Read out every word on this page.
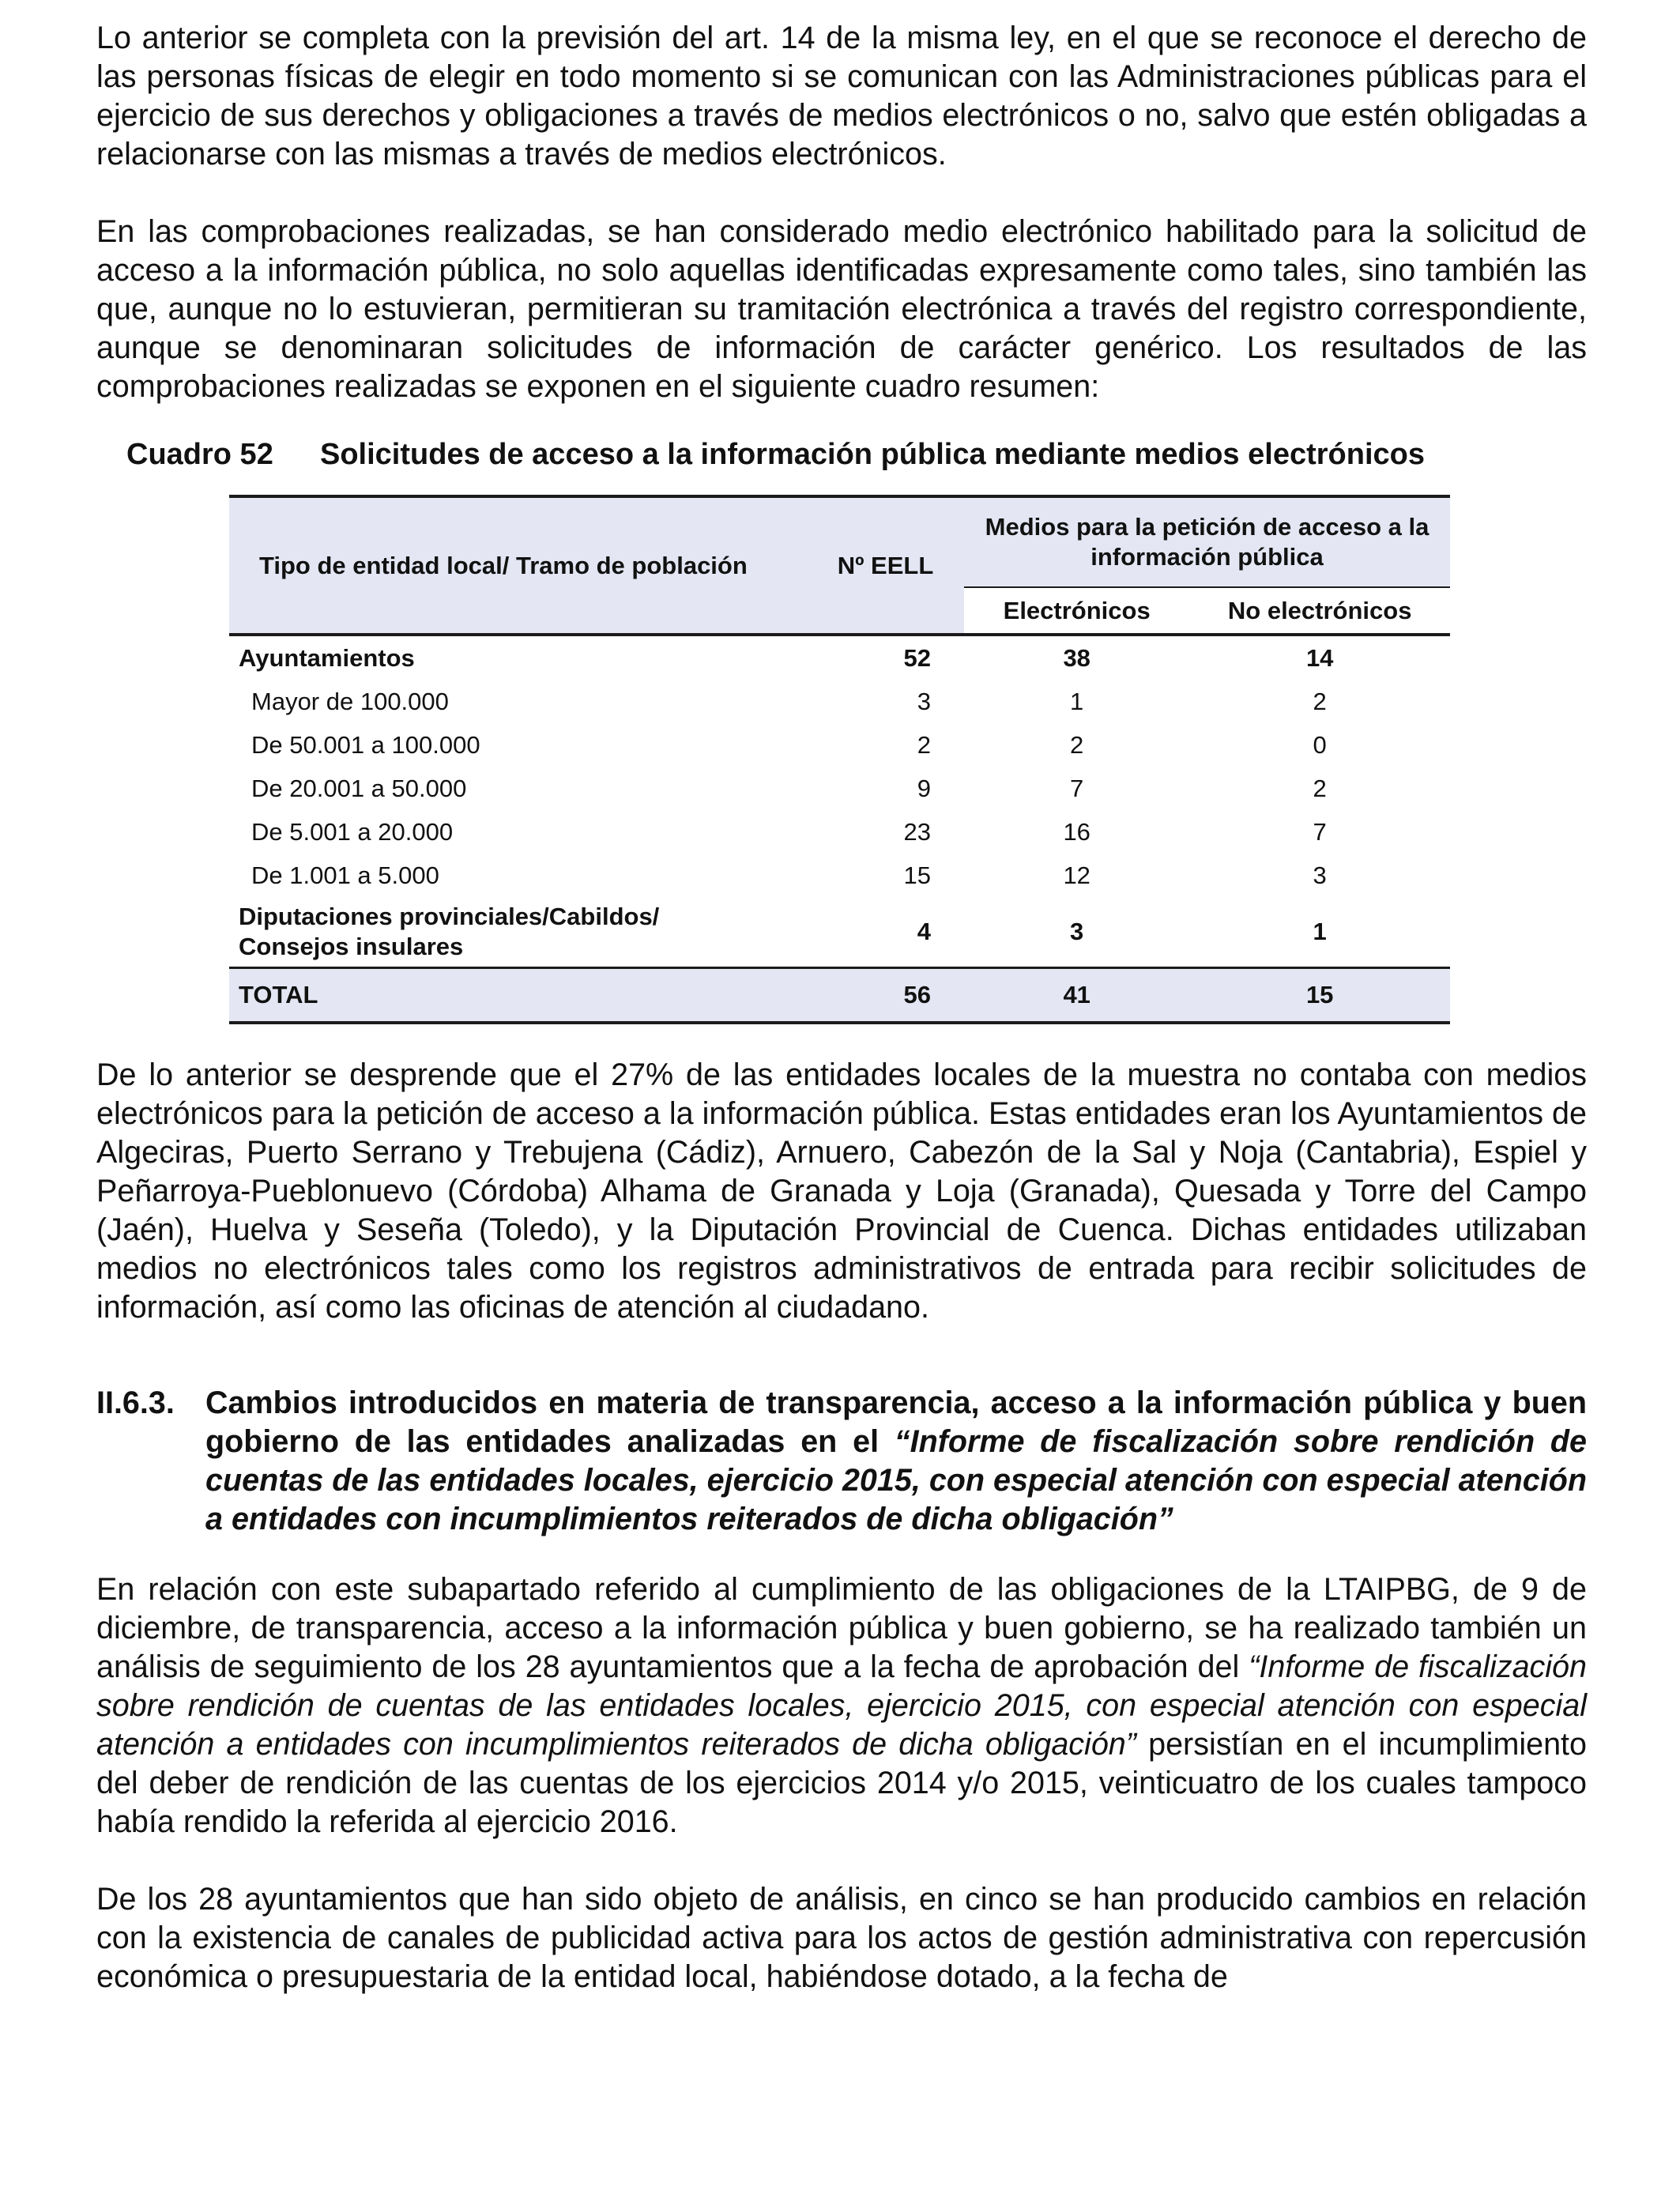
Lo anterior se completa con la previsión del art. 14 de la misma ley, en el que se reconoce el derecho de las personas físicas de elegir en todo momento si se comunican con las Administraciones públicas para el ejercicio de sus derechos y obligaciones a través de medios electrónicos o no, salvo que estén obligadas a relacionarse con las mismas a través de medios electrónicos.

En las comprobaciones realizadas, se han considerado medio electrónico habilitado para la solicitud de acceso a la información pública, no solo aquellas identificadas expresamente como tales, sino también las que, aunque no lo estuvieran, permitieran su tramitación electrónica a través del registro correspondiente, aunque se denominaran solicitudes de información de carácter genérico. Los resultados de las comprobaciones realizadas se exponen en el siguiente cuadro resumen:

Cuadro 52 Solicitudes de acceso a la información pública mediante medios electrónicos
Tipo de entidad local/ Tramo de población	Nº EELL	Medios para la petición de acceso a la información pública	
		Electrónicos	No electrónicos
Ayuntamientos	52	38	14
Mayor de 100.000	3	1	2
De 50.001 a 100.000	2	2	0
De 20.001 a 50.000	9	7	2
De 5.001 a 20.000	23	16	7
De 1.001 a 5.000	15	12	3

Diputaciones provinciales/Cabildos/
Consejos insulares	4	3	1
TOTAL	56	41	15

De lo anterior se desprende que el 27% de las entidades locales de la muestra no contaba con medios electrónicos para la petición de acceso a la información pública. Estas entidades eran los Ayuntamientos de Algeciras, Puerto Serrano y Trebujena (Cádiz), Arnuero, Cabezón de la Sal y Noja (Cantabria), Espiel y Peñarroya-Pueblonuevo (Córdoba) Alhama de Granada y Loja (Granada), Quesada y Torre del Campo (Jaén), Huelva y Seseña (Toledo), y la Diputación Provincial de Cuenca. Dichas entidades utilizaban medios no electrónicos tales como los registros administrativos de entrada para recibir solicitudes de información, así como las oficinas de atención al ciudadano.

II.6.3. Cambios introducidos en materia de transparencia, acceso a la información pública y buen gobierno de las entidades analizadas en el “Informe de fiscalización sobre rendición de cuentas de las entidades locales, ejercicio 2015, con especial atención con especial atención a entidades con incumplimientos reiterados de dicha obligación”

En relación con este subapartado referido al cumplimiento de las obligaciones de la LTAIPBG, de 9 de diciembre, de transparencia, acceso a la información pública y buen gobierno, se ha realizado también un análisis de seguimiento de los 28 ayuntamientos que a la fecha de aprobación del “Informe de fiscalización sobre rendición de cuentas de las entidades locales, ejercicio 2015, con especial atención con especial atención a entidades con incumplimientos reiterados de dicha obligación” persistían en el incumplimiento del deber de rendición de las cuentas de los ejercicios 2014 y/o 2015, veinticuatro de los cuales tampoco había rendido la referida al ejercicio 2016.

De los 28 ayuntamientos que han sido objeto de análisis, en cinco se han producido cambios en relación con la existencia de canales de publicidad activa para los actos de gestión administrativa con repercusión económica o presupuestaria de la entidad local, habiéndose dotado, a la fecha de
